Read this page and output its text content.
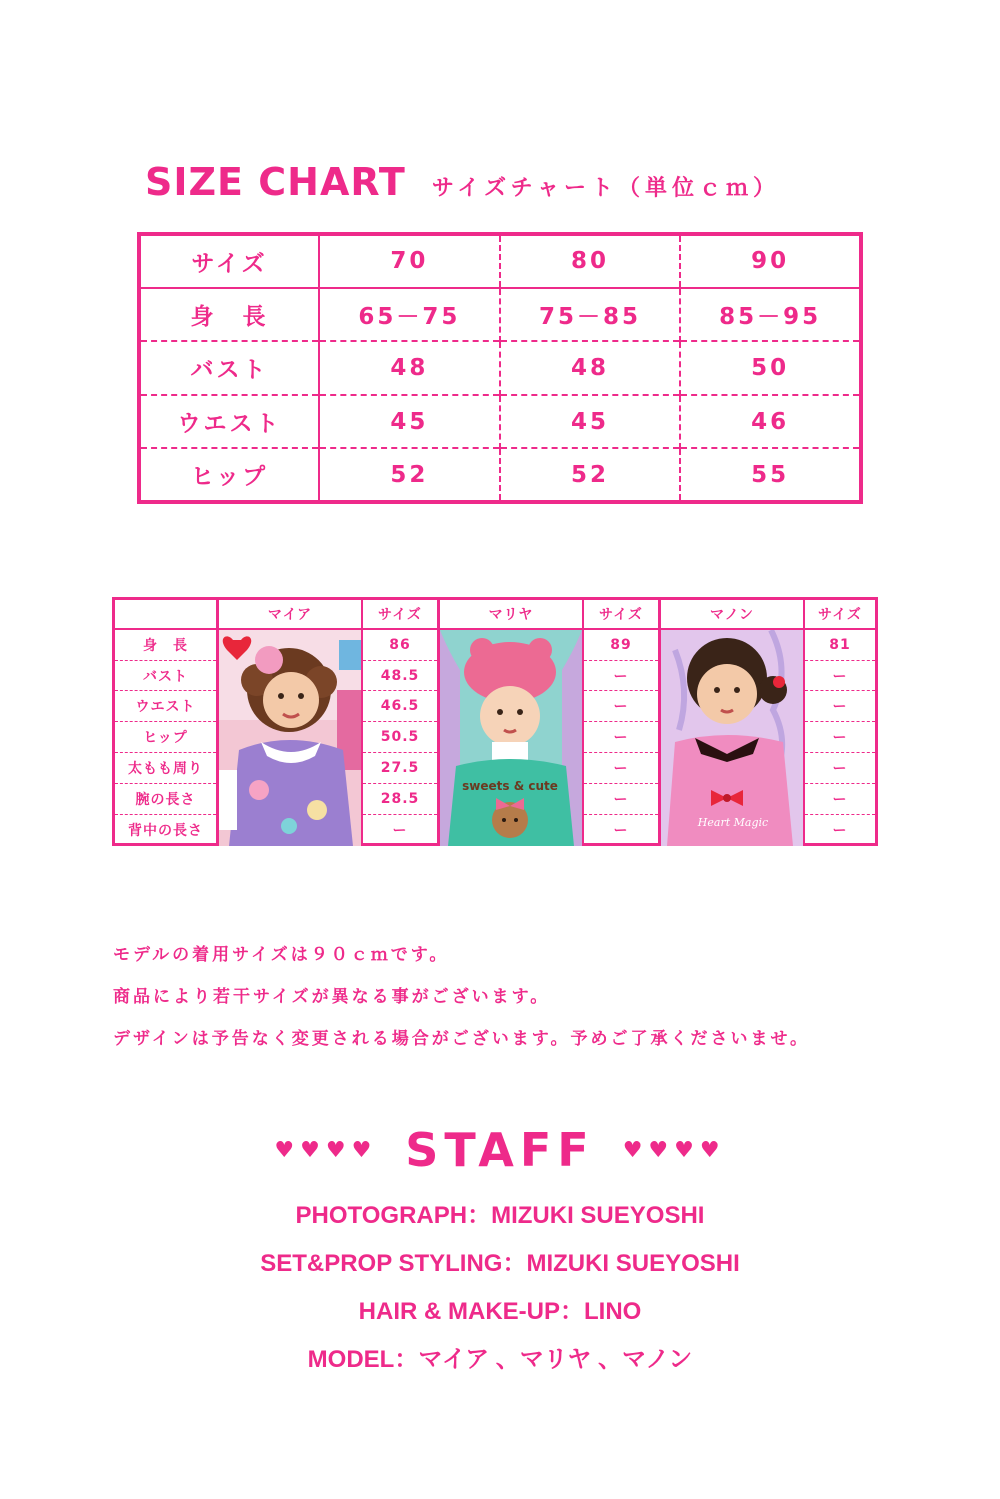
SIZE CHART サイズチャート（単位ｃｍ）
サイズ	70	80	90
身　長	65－75	75－85	85－95
バスト	48	48	50
ウエスト	45	45	46
ヒップ	52	52	55
マイア	サイズ	マリヤ	サイズ	マノン	サイズ
sweets & cute
Heart Magic
身　長	86	89	81
バスト	48.5	ー	ー
ウエスト	46.5	ー	ー
ヒップ	50.5	ー	ー
太もも周り	27.5	ー	ー
腕の長さ	28.5	ー	ー
背中の長さ	ー	ー	ー
モデルの着用サイズは９０ｃｍです。
商品により若干サイズが異なる事がございます。
デザインは予告なく変更される場合がございます。予めご了承くださいませ。
♥♥♥♥ STAFF ♥♥♥♥
PHOTOGRAPH：MIZUKI SUEYOSHI
SET&PROP STYLING：MIZUKI SUEYOSHI
HAIR & MAKE-UP：LINO
MODEL：マイア 、マリヤ 、マノン
